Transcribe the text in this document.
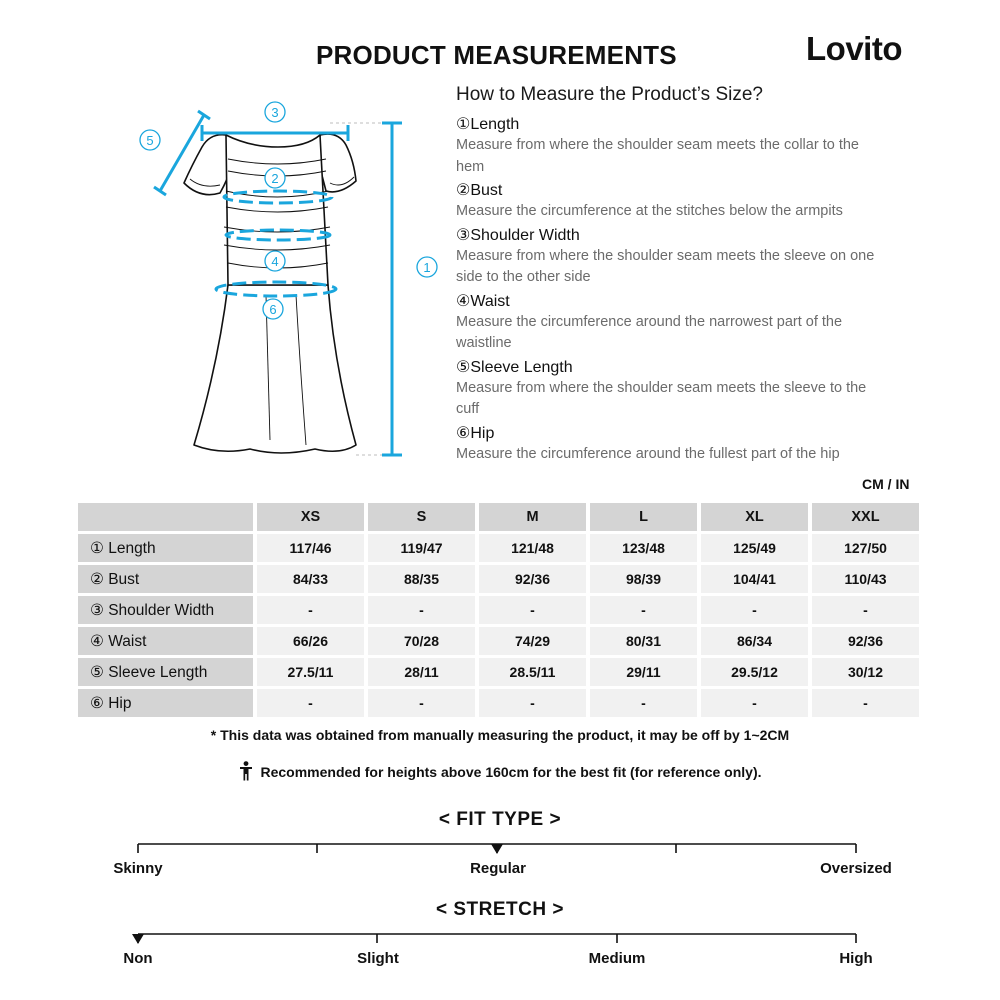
PRODUCT MEASUREMENTS	Lovito
3
5
2
4
6
1
How to Measure the Product’s Size?
①Length
Measure from where the shoulder seam meets the collar to the hem
②Bust
Measure the circumference at the stitches below the armpits
③Shoulder Width
Measure from where the shoulder seam meets the sleeve on one side to the other side
④Waist
Measure the circumference around the narrowest part of the waistline
⑤Sleeve Length
Measure from where the shoulder seam meets the sleeve to the cuff
⑥Hip
Measure the circumference around the fullest part of the hip
CM / IN
	XS	S	M	L	XL	XXL
① Length	117/46	119/47	121/48	123/48	125/49	127/50
② Bust	84/33	88/35	92/36	98/39	104/41	110/43
③ Shoulder Width	-	-	-	-	-	-
④ Waist	66/26	70/28	74/29	80/31	86/34	92/36
⑤ Sleeve Length	27.5/11	28/11	28.5/11	29/11	29.5/12	30/12
⑥ Hip	-	-	-	-	-	-
* This data was obtained from manually measuring the product, it may be off by 1~2CM
Recommended for heights above 160cm for the best fit (for reference only).
< FIT TYPE >
Skinny	Regular	Oversized
< STRETCH >
Non	Slight	Medium	High
